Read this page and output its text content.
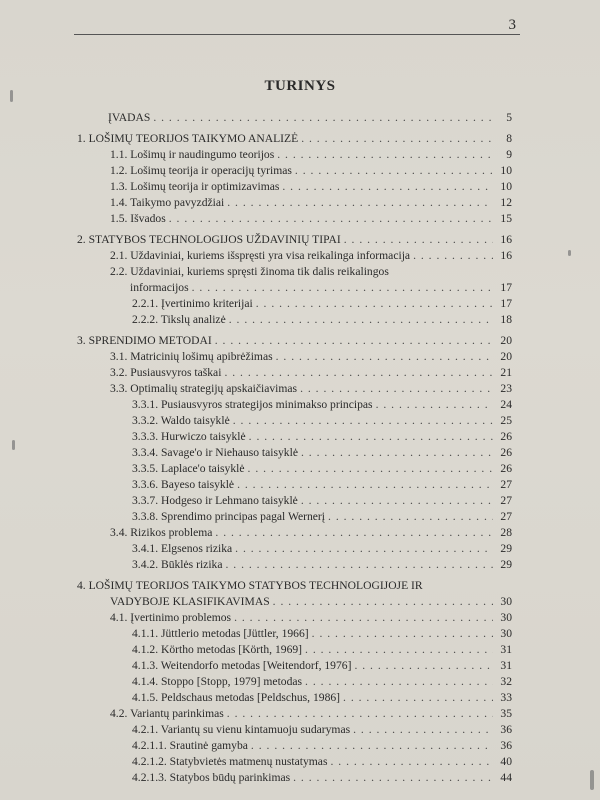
3
TURINYS
ĮVADAS . . .	5
1. LOŠIMŲ TEORIJOS TAIKYMO ANALIZĖ . . .	8
1.1. Lošimų ir naudingumo teorijos . . .	9
1.2. Lošimų teorija ir operacijų tyrimas . . .	10
1.3. Lošimų teorija ir optimizavimas . . .	10
1.4. Taikymo pavyzdžiai . . .	12
1.5. Išvados . . .	15
2. STATYBOS TECHNOLOGIJOS UŽDAVINIŲ TIPAI . . .	16
2.1. Uždaviniai, kuriems išspręsti yra visa reikalinga informacija . . .	16
2.2. Uždaviniai, kuriems spręsti žinoma tik dalis reikalingos
informacijos . . .	17
2.2.1. Įvertinimo kriterijai . . .	17
2.2.2. Tikslų analizė . . .	18
3. SPRENDIMO METODAI . . .	20
3.1. Matricinių lošimų apibrėžimas . . .	20
3.2. Pusiausvyros taškai . . .	21
3.3. Optimalių strategijų apskaičiavimas . . .	23
3.3.1. Pusiausvyros strategijos minimakso principas . . .	24
3.3.2. Waldo taisyklė . . .	25
3.3.3. Hurwiczo taisyklė . . .	26
3.3.4. Savage'o ir Niehauso taisyklė . . .	26
3.3.5. Laplace'o taisyklė . . .	26
3.3.6. Bayeso taisyklė . . .	27
3.3.7. Hodgeso ir Lehmano taisyklė . . .	27
3.3.8. Sprendimo principas pagal Wernerį . . .	27
3.4. Rizikos problema . . .	28
3.4.1. Elgsenos rizika . . .	29
3.4.2. Būklės rizika . . .	29
4. LOŠIMŲ TEORIJOS TAIKYMO STATYBOS TECHNOLOGIJOJE IR
VADYBOJE KLASIFIKAVIMAS . . .	30
4.1. Įvertinimo problemos . . .	30
4.1.1. Jüttlerio metodas [Jüttler, 1966] . . .	30
4.1.2. Körtho metodas [Körth, 1969] . . .	31
4.1.3. Weitendorfo metodas [Weitendorf, 1976] . . .	31
4.1.4. Stoppo [Stopp, 1979] metodas . . .	32
4.1.5. Peldschaus metodas [Peldschus, 1986] . . .	33
4.2. Variantų parinkimas . . .	35
4.2.1. Variantų su vienu kintamuoju sudarymas . . .	36
4.2.1.1. Srautinė gamyba . . .	36
4.2.1.2. Statybvietės matmenų nustatymas . . .	40
4.2.1.3. Statybos būdų parinkimas . . .	44
